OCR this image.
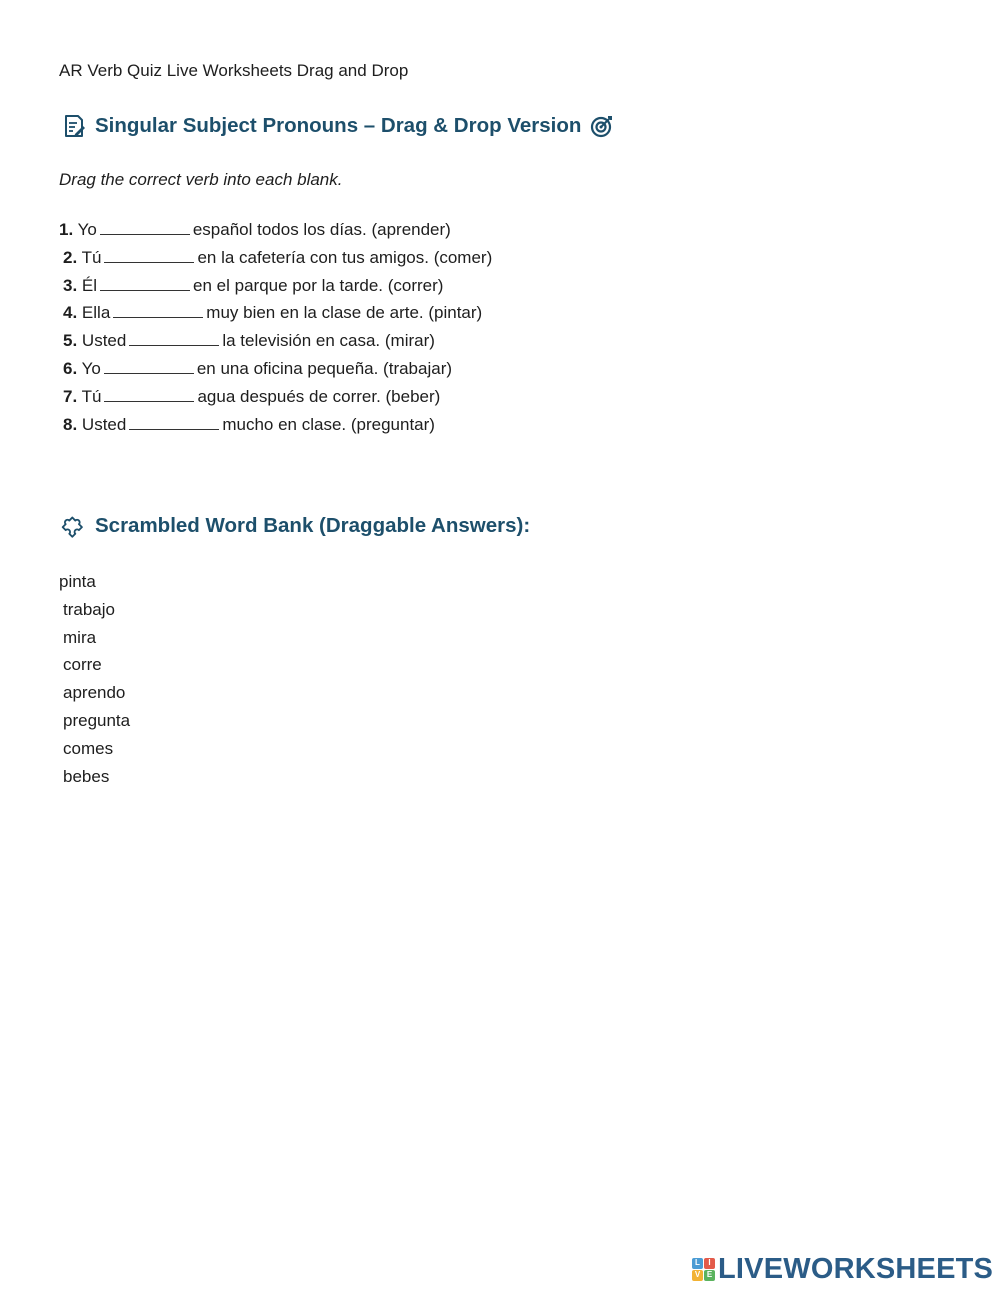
AR Verb Quiz Live Worksheets Drag and Drop
Singular Subject Pronouns – Drag & Drop Version
Drag the correct verb into each blank.
1. Yo	español todos los días. (aprender)
2. Tú	en la cafetería con tus amigos. (comer)
3. Él	en el parque por la tarde. (correr)
4. Ella	muy bien en la clase de arte. (pintar)
5. Usted	la televisión en casa. (mirar)
6. Yo	en una oficina pequeña. (trabajar)
7. Tú	agua después de correr. (beber)
8. Usted	mucho en clase. (preguntar)
Scrambled Word Bank (Draggable Answers):
pinta
trabajo
mira
corre
aprendo
pregunta
comes
bebes
L	I
V E LIVEWORKSHEETS
